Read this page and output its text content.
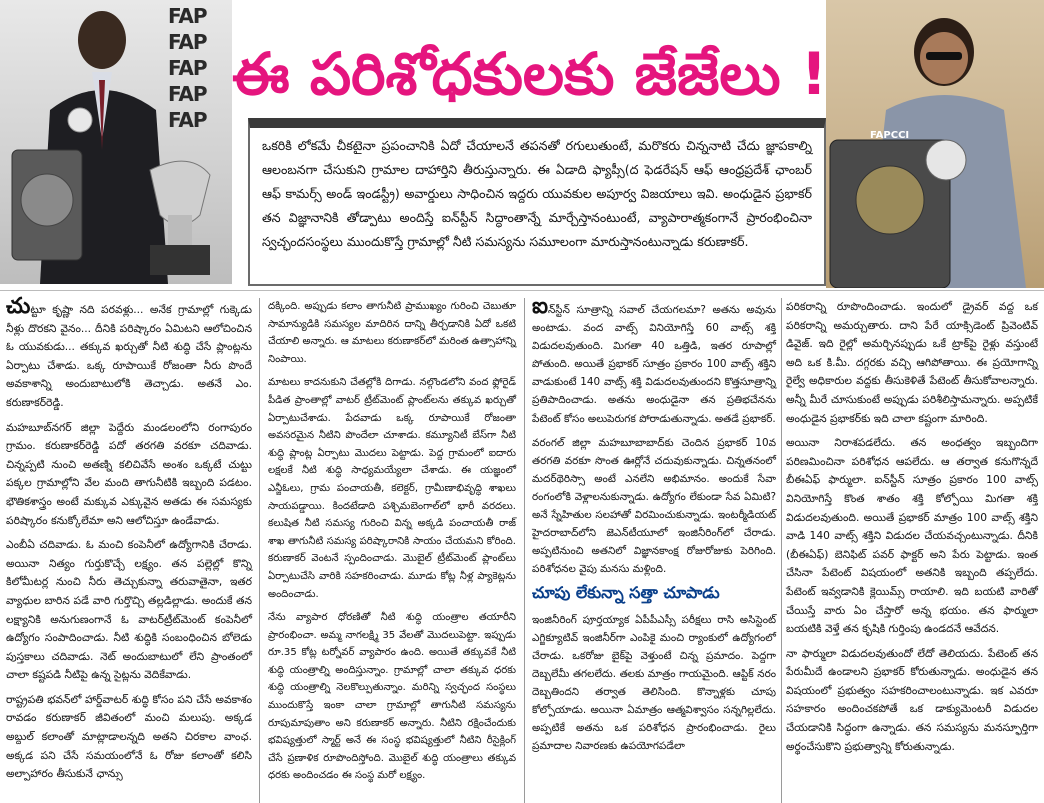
FAP
FAP
FAP
FAP
FAP
FAPCCI
ఈ పరిశోధకులకు జేజేలు !
ఒకరికి లోకమే చీకటైనా ప్రపంచానికి ఏదో చేయాలనే తపనతో రగులుతుంటే, మరొకరు చిన్ననాటి చేదు జ్ఞాపకాల్ని ఆలంబనగా చేసుకుని గ్రామాల దాహార్తిని తీరుస్తున్నారు. ఈ ఏడాది ఫ్యాప్సీ(ద ఫెడరేషన్ ఆఫ్ ఆంధ్రప్రదేశ్ ఛాంబర్ ఆఫ్ కామర్స్ అండ్ ఇండస్ట్రీ) అవార్డులు సాధించిన ఇద్దరు యువకుల అపూర్వ విజయాలు ఇవి. అంధుడైన ప్రభాకర్ తన విజ్ఞానానికి తోడ్పాటు అందిస్తే ఐన్‌స్టీన్ సిద్ధాంతాన్నే మార్చేస్తానంటుంటే, వ్యాపారాత్మకంగానే ప్రారంభించినా స్వచ్ఛందసంస్థలు ముందుకొస్తే గ్రామాల్లో నీటి సమస్యను సమూలంగా మారుస్తానంటున్నాడు కరుణాకర్.

చుట్టూ కృష్ణా నది పరవళ్లు... అనేక గ్రామాల్లో గుక్కెడు నీళ్లు దొరకని వైనం... దీనికి పరిష్కారం ఏమిటని ఆలోచించిన ఓ యువకుడు... తక్కువ ఖర్చుతో నీటి శుద్ధి చేసే ప్లాంట్లను ఏర్పాటు చేశాడు. ఒక్క రూపాయికే రోజంతా నీరు పొందే అవకాశాన్ని అందుబాటులోకి తెచ్చాడు. అతనే ఎం. కరుణాకర్‌రెడ్డి.

మహబూబ్‌నగర్ జిల్లా పెద్దేరు మండలంలోని రంగాపురం గ్రామం. కరుణాకర్‌రెడ్డి పదో తరగతి వరకూ చదివాడు. చిన్నప్పటి నుంచి అతణ్ని కలిచివేసే అంశం ఒక్కటే చుట్టు పక్కల గ్రామాల్లోని వేల మంది తాగునీటికి ఇబ్బంది పడటం. భౌతికశాస్త్రం అంటే మక్కువ ఎక్కువైన అతడు ఈ సమస్యకు పరిష్కారం కనుక్కోలేమా అని ఆలోచిస్తూ ఉండేవాడు.

ఎంబీఏ చదివాడు. ఓ మంచి కంపెనీలో ఉద్యోగానికి చేరాడు. అయినా నిత్యం గుర్తుకొచ్చే లక్ష్యం. తన పల్లెల్లో కొన్ని కిలోమీటర్ల నుంచి నీరు తెచ్చుకున్నా తరువాతైనా, ఇతర వ్యాధుల బారిన పడే వారి గుర్తొచ్చి తల్లడిల్లాడు. అందుకే తన లక్ష్యానికి అనుగుణంగానే ఓ వాటర్‌ట్రీట్‌మెంట్ కంపెనీలో ఉద్యోగం సంపాదించాడు. నీటి శుద్ధికి సంబంధించిన బోలెడు పుస్తకాలు చదివాడు. నెట్ అందుబాటులో లేని ప్రాంతంలో చాలా కష్టపడి నీటిపై ఉన్న సైట్లను వెదికేవాడు.

రాష్ట్రపతి భవన్‌లో హార్డ్‌వాటర్ శుద్ధి కోసం పని చేసే అవకాశం రావడం కరుణాకర్ జీవితంలో మంచి మలుపు. అక్కడ అబ్దుల్ కలాంతో మాట్లాడాలన్నది అతని చిరకాల వాంఛ. అక్కడ పని చేసే సమయంలోనే ఓ రోజు కలాంతో కలిసి అల్పాహారం తీసుకునే ఛాన్సు

దక్కింది. అప్పుడు కలాం తాగునీటి ప్రాముఖ్యం గురించి చెబుతూ సామాన్యుడికి సమస్యల మాదిరిన దాన్ని తీర్చడానికి ఏదో ఒకటి చేయాలి అన్నారు. ఆ మాటలు కరుణాకర్‌లో మరింత ఉత్సాహాన్ని నింపాయి.

మాటలు కాదనుకుని చేతల్లోకి దిగాడు. నల్గొండలోని వంద ఫ్లోరైడ్ పీడిత ప్రాంతాల్లో వాటర్ ట్రీట్‌మెంట్ ప్లాంట్‌లను తక్కువ ఖర్చుతో ఏర్పాటుచేశాడు. పేదవాడు ఒక్క రూపాయికే రోజంతా అవసరమైన నీటిని పొందేలా చూశాడు. కమ్యూనిటీ బేస్‌గా నీటి శుద్ధి ప్లాంట్ల ఏర్పాటు మొదలు పెట్టాడు. పెద్ద గ్రామంలో ఐదారు లక్షలకే నీటి శుద్ధి సాధ్యమయ్యేలా చేశాడు. ఈ యజ్ఞంలో ఎన్జీఓలు, గ్రామ పంచాయతీ, కలెక్టర్, గ్రామీణాభివృద్ధి శాఖలు సాయపడ్డాయి. కిందటేడాది పశ్చిమబెంగాల్‌లో భారీ వరదలు. కలుషిత నీటి సమస్య గురించి విన్న అక్కడి పంచాయతీ రాజ్ శాఖ తాగునీటి సమస్య పరిష్కారానికి సాయం చేయమని కోరింది. కరుణాకర్ వెంటనే స్పందించాడు. మొబైల్ ట్రీట్‌మెంట్ ప్లాంట్‌లు ఏర్పాటుచేసి వారికి సహకరించాడు. మూడు కోట్ల నీళ్ల ప్యాకెట్లను అందించాడు.

నేను వ్యాపార ధోరణితో నీటి శుద్ధి యంత్రాల తయారీని ప్రారంభించా. అమ్మ నాగలక్ష్మి 35 వేలతో మొదలుపెట్టా. ఇప్పుడు రూ.35 కోట్ల టర్నోవర్ వ్యాపారం ఉంది. అయితే తక్కువకే నీటి శుద్ధి యంత్రాల్ని అందిస్తున్నాం. గ్రామాల్లో చాలా తక్కువ ధరకు శుద్ధి యంత్రాల్ని నెలకొల్పుతున్నాం. మరిన్ని స్వచ్ఛంద సంస్థలు ముందుకొస్తే ఇంకా చాలా గ్రామాల్లో తాగునీటి సమస్యను రూపుమాపుతాం అని కరుణాకర్ అన్నారు. నీటిని రక్షించేందుకు భవిష్యత్తులో స్మార్ట్ అనే ఈ సంస్థ భవిష్యత్తులో నీటిని రీసైక్లింగ్ చేసే ప్రణాళిక రూపొందిస్తోంది. మొబైల్ శుద్ధి యంత్రాలు తక్కువ ధరకు అందించడం ఈ సంస్థ మరో లక్ష్యం.

ఐన్‌స్టీన్ సూత్రాన్ని సవాల్ చేయగలమా? అతను అవును అంటాడు. వంద వాట్స్ వినియోగిస్తే 60 వాట్స్ శక్తి విడుదలవుతుంది. మిగతా 40 ఒత్తిడి, ఇతర రూపాల్లో పోతుంది. అయితే ప్రభాకర్ సూత్రం ప్రకారం 100 వాట్స్ శక్తిని వాడుకుంటే 140 వాట్స్ శక్తి విడుదలవుతుందని కొత్తసూత్రాన్ని ప్రతిపాదించాడు. అతను అంధుడైనా తన ప్రతిభచేనను పేటెంట్ కోసం అలుపెరుగక పోరాడుతున్నాడు. అతడే ప్రభాకర్.

వరంగల్ జిల్లా మహబూబాబాద్‌కు చెందిన ప్రభాకర్ 10వ తరగతి వరకూ సొంత ఊర్లోనే చదువుకున్నాడు. చిన్నతనంలో మదర్‌థెరిస్సా అంటే ఎనలేని అభిమానం. అందుకే సేవా రంగంలోకి వెళ్లాలనుకున్నాడు. ఉద్యోగం లేకుండా సేవ ఏమిటి? అనే స్నేహితుల సలహాతో విరమించుకున్నాడు. ఇంటర్మీడియట్ హైదరాబాద్‌లోని జెఎన్‌టీయూలో ఇంజినీరింగ్‌లో చేరాడు. అప్పటినుంచి అతనిలో విజ్ఞానకాంక్ష రోజురోజుకు పెరిగింది. పరిశోధనల వైపు మనసు మళ్లింది.

చూపు లేకున్నా సత్తా చూపాడు

ఇంజినీరింగ్ పూర్తయ్యాక ఏపీపీఎస్సీ పరీక్షలు రాసి అసిస్టెంట్ ఎగ్జిక్యూటివ్ ఇంజినీర్‌గా ఎంపికై మంచి ర్యాంకులో ఉద్యోగంలో చేరాడు. ఒకరోజు బైక్‌పై వెళ్తుంటే చిన్న ప్రమాదం. పెద్దగా దెబ్బలేమీ తగలలేదు. తలకు మాత్రం గాయమైంది. ఆప్టిక్ నరం దెబ్బతిందని తర్వాత తెలిసింది. కొన్నాళ్లకు చూపు కోల్పోయాడు. అయినా ఏమాత్రం ఆత్మవిశ్వాసం సన్నగిల్లలేదు. అప్పటికే అతను ఒక పరిశోధన ప్రారంభించాడు. రైలు ప్రమాదాల నివారణకు ఉపయోగపడేలా

పరికరాన్ని రూపొందించాడు. ఇందులో డ్రైవర్ వద్ద ఒక పరికరాన్ని అమర్చుతారు. దాని పేరే యాక్సిడెంట్ ప్రివెంటివ్ డివైజ్. ఇది రైల్లో అమర్చినప్పుడు ఒకే ట్రాక్‌పై రైళ్లు వస్తుంటే అది ఒక కి.మీ. దగ్గరకు వచ్చి ఆగిపోతాయి. ఈ ప్రయోగాన్ని రైల్వే అధికారుల వద్దకు తీసుకెళితే పేటెంట్ తీసుకోవాలన్నారు. అన్నీ మీరే చూసుకుంటే అప్పుడు పరిశీలిస్తామన్నారు. అప్పటికే అంధుడైన ప్రభాకర్‌కు ఇది చాలా కష్టంగా మారింది.

అయినా నిరాశపడలేదు. తన అంధత్వం ఇబ్బందిగా పరిణమించినా పరిశోధన ఆపలేదు. ఆ తర్వాత కనుగొన్నదే బీఈఏఫ్ ఫార్ములా. ఐన్‌స్టీన్ సూత్రం ప్రకారం 100 వాట్స్ వినియోగిస్తే కొంత శాతం శక్తి కోల్పోయి మిగతా శక్తి విడుదలవుతుంది. అయితే ప్రభాకర్ మాత్రం 100 వాట్స్ శక్తిని వాడి 140 వాట్స్ శక్తిని విడుదల చేయవచ్చంటున్నాడు. దీనికి (బీఈఏఫ్) బెనిఫిట్ పవర్ ఫాక్టర్ అని పేరు పెట్టాడు. ఇంత చేసినా పేటెంట్ విషయంలో అతనికి ఇబ్బంది తప్పలేదు. పేటెంట్ ఇవ్వడానికి క్లెయిమ్స్ రాయాలి. ఇది బయటి వారితో చేయిస్తే వారు ఏం చేస్తారో అన్న భయం. తన ఫార్ములా బయటికి వెళ్తే తన కృషికి గుర్తింపు ఉండదనే ఆవేదన.

నా ఫార్ములా విడుదలవుతుందో లేదో తెలియదు. పేటెంట్ తన పేరుమీదే ఉండాలని ప్రభాకర్ కోరుతున్నాడు. అంధుడైన తన విషయంలో ప్రభుత్వం సహకరించాలంటున్నాడు. ఇక ఎవరూ సహకారం అందించకపోతే ఒక డాక్యుమెంటరీ విడుదల చేయడానికి సిద్ధంగా ఉన్నాడు. తన సమస్యను మనస్ఫూర్తిగా అర్థంచేసుకొని ప్రభుత్వాన్ని కోరుతున్నాడు.
